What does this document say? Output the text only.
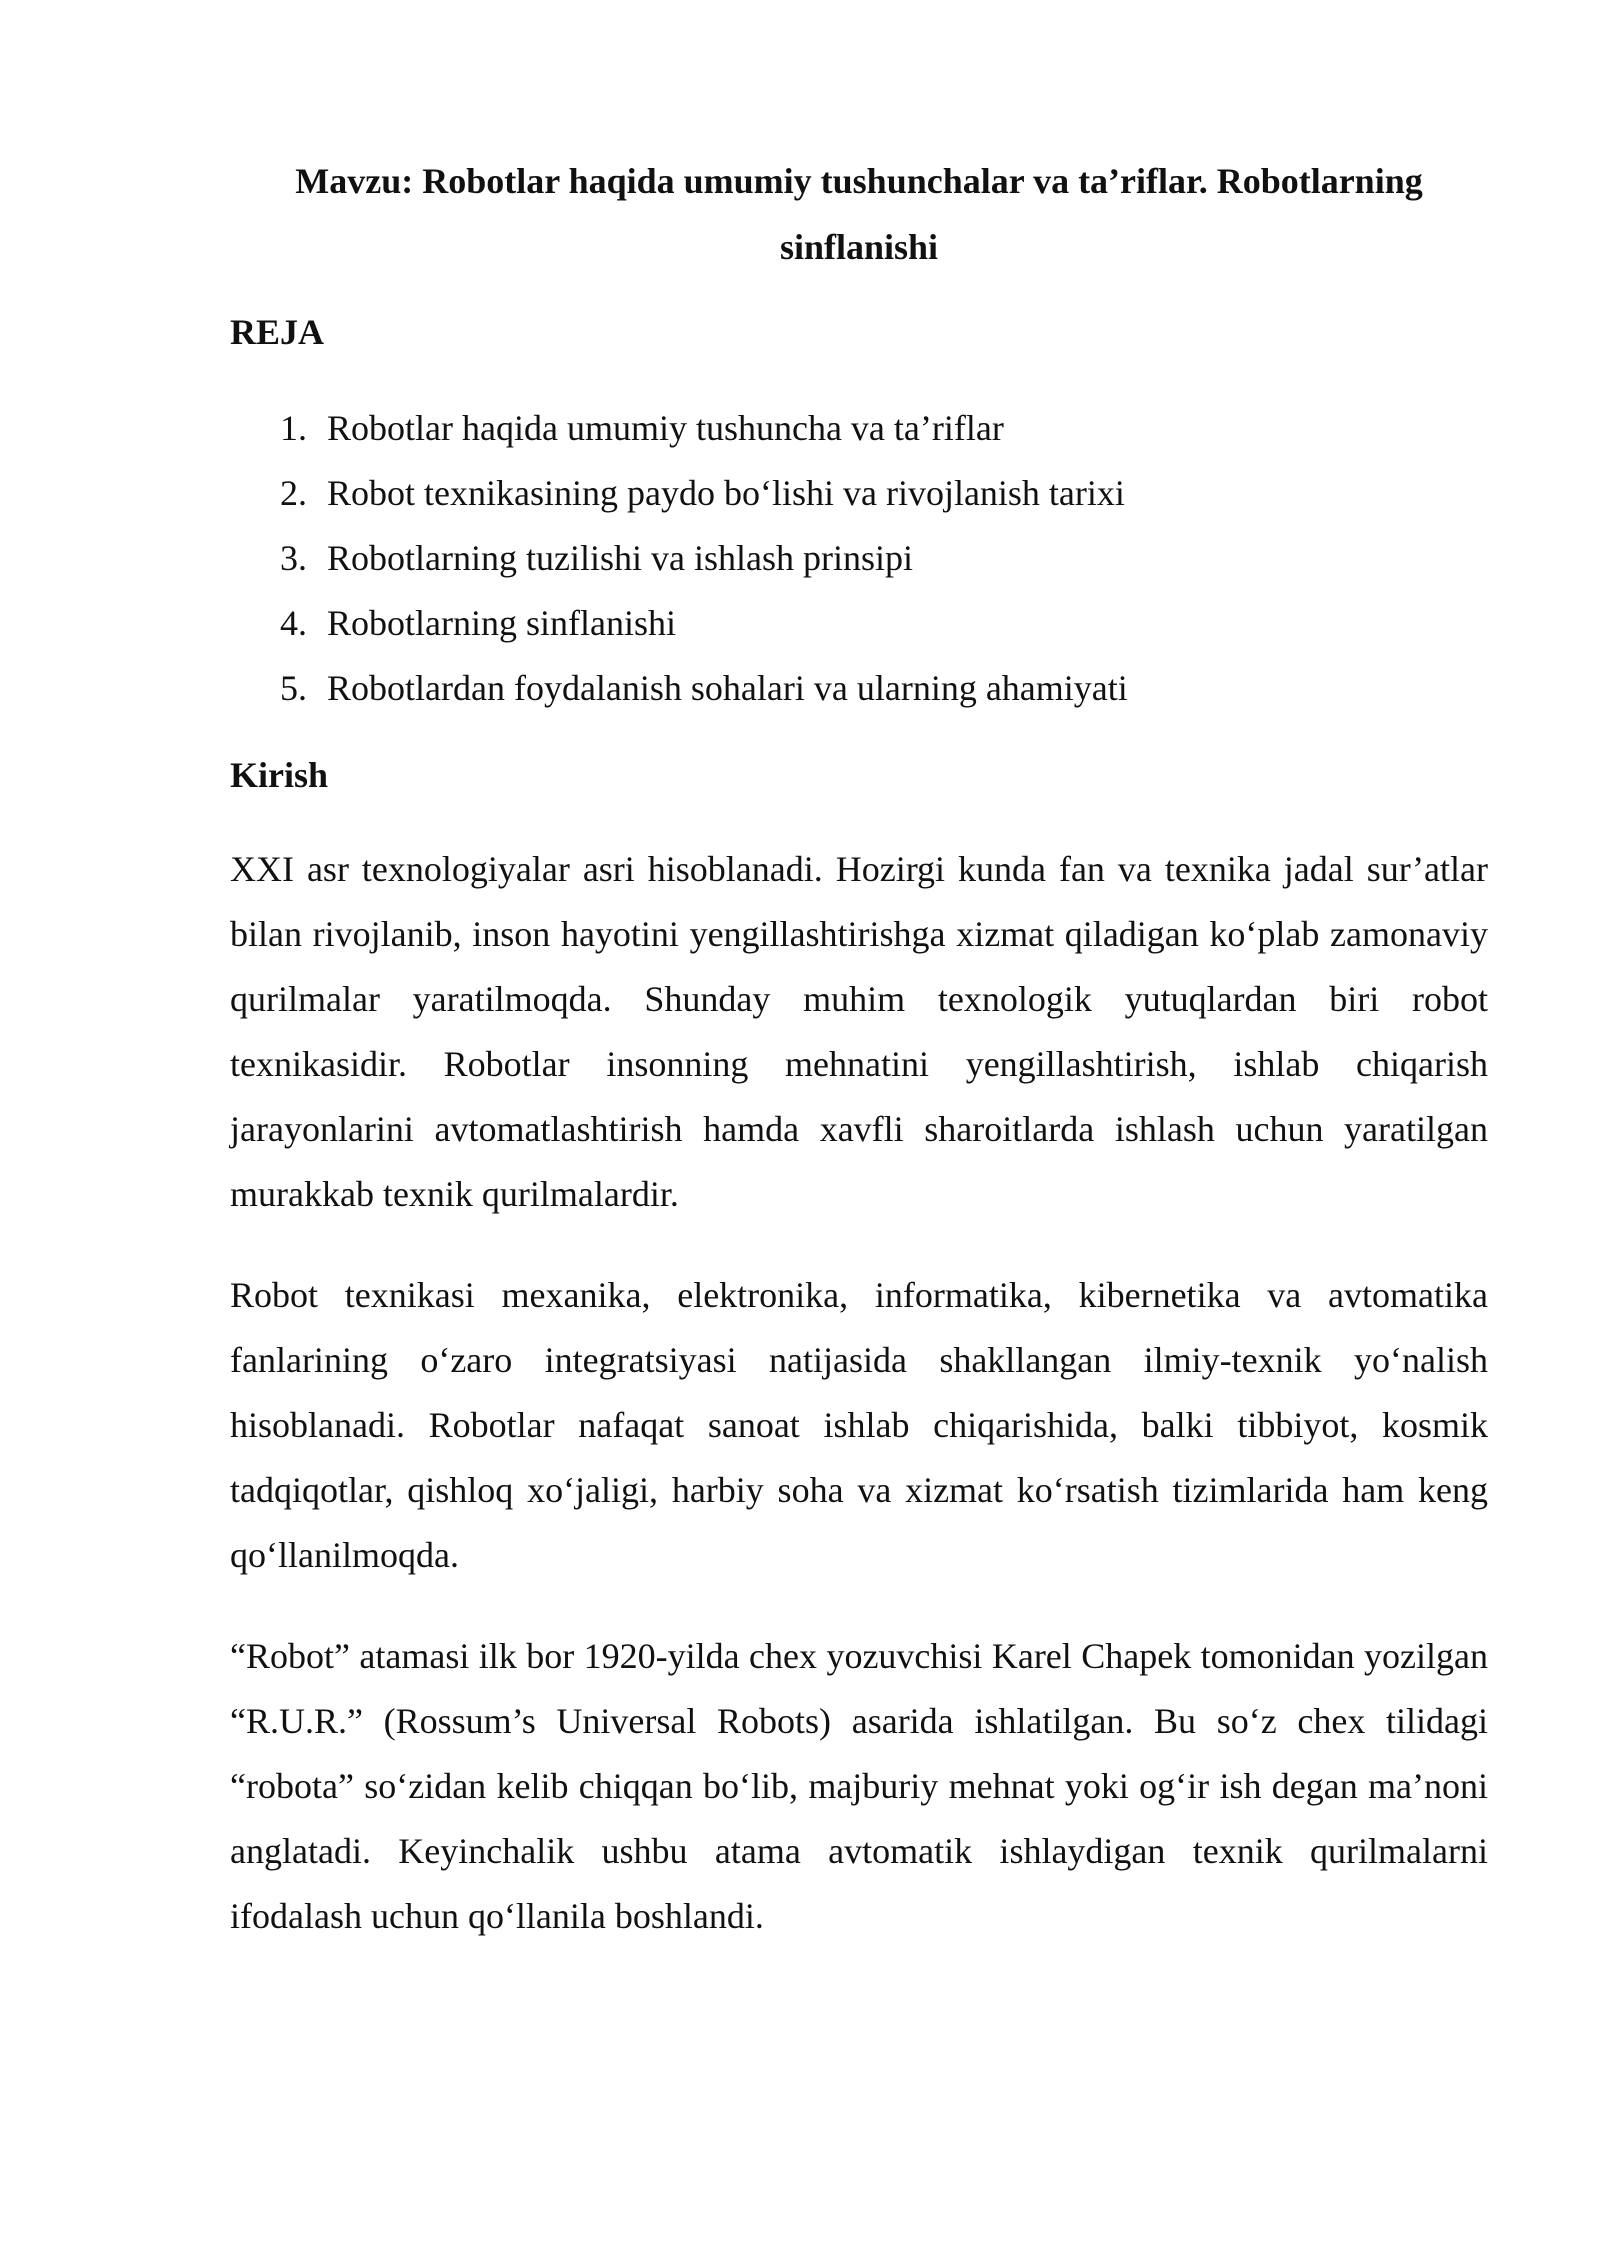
Mavzu: Robotlar haqida umumiy tushunchalar va ta’riflar. Robotlarning sinflanishi
REJA
1. Robotlar haqida umumiy tushuncha va ta’riflar
2. Robot texnikasining paydo bo‘lishi va rivojlanish tarixi
3. Robotlarning tuzilishi va ishlash prinsipi
4. Robotlarning sinflanishi
5. Robotlardan foydalanish sohalari va ularning ahamiyati
Kirish

XXI asr texnologiyalar asri hisoblanadi. Hozirgi kunda fan va texnika jadal sur’atlar bilan rivojlanib, inson hayotini yengillashtirishga xizmat qiladigan ko‘plab zamonaviy qurilmalar yaratilmoqda. Shunday muhim texnologik yutuqlardan biri robot texnikasidir. Robotlar insonning mehnatini yengillashtirish, ishlab chiqarish jarayonlarini avtomatlashtirish hamda xavfli sharoitlarda ishlash uchun yaratilgan murakkab texnik qurilmalardir.

Robot texnikasi mexanika, elektronika, informatika, kibernetika va avtomatika fanlarining o‘zaro integratsiyasi natijasida shakllangan ilmiy-texnik yo‘nalish hisoblanadi. Robotlar nafaqat sanoat ishlab chiqarishida, balki tibbiyot, kosmik tadqiqotlar, qishloq xo‘jaligi, harbiy soha va xizmat ko‘rsatish tizimlarida ham keng qo‘llanilmoqda.

“Robot” atamasi ilk bor 1920-yilda chex yozuvchisi Karel Chapek tomonidan yozilgan “R.U.R.” (Rossum’s Universal Robots) asarida ishlatilgan. Bu so‘z chex tilidagi “robota” so‘zidan kelib chiqqan bo‘lib, majburiy mehnat yoki og‘ir ish degan ma’noni anglatadi. Keyinchalik ushbu atama avtomatik ishlaydigan texnik qurilmalarni ifodalash uchun qo‘llanila boshlandi.
